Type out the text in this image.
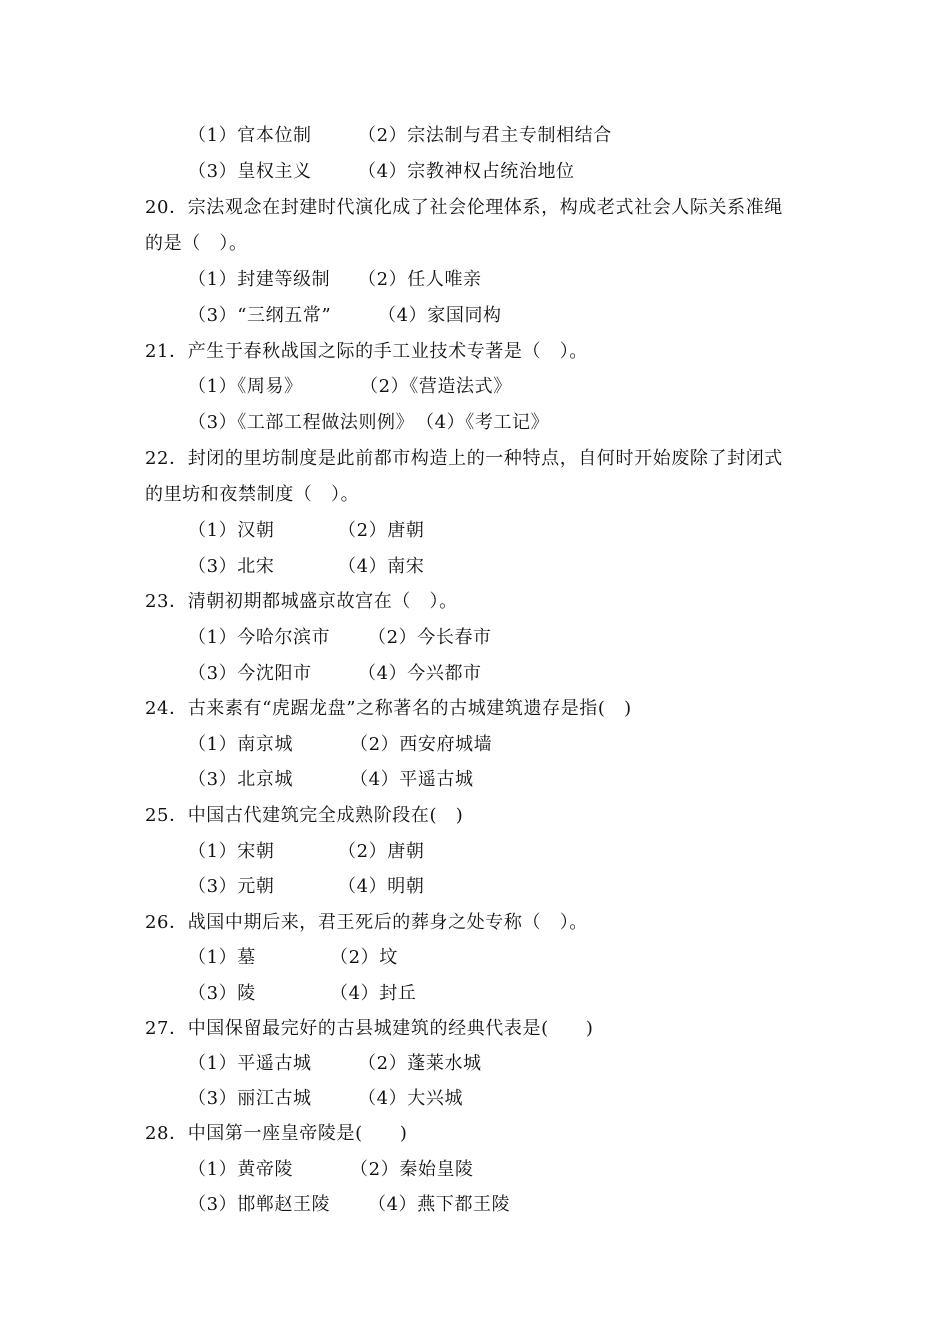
（1）官本位制	（2）宗法制与君主专制相结合
（3）皇权主义	（4）宗教神权占统治地位
20．宗法观念在封建时代演化成了社会伦理体系，构成老式社会人际关系准绳
的是（　）。
（1）封建等级制 （2）任人唯亲
（3）“三纲五常”	（4）家国同构
21．产生于春秋战国之际的手工业技术专著是（　）。
（1）《周易》	（2）《营造法式》
（3）《工部工程做法则例》 （4）《考工记》
22．封闭的里坊制度是此前都市构造上的一种特点，自何时开始废除了封闭式
的里坊和夜禁制度（　）。
（1）汉朝	（2）唐朝
（3）北宋	（4）南宋
23．清朝初期都城盛京故宫在（　）。
（1）今哈尔滨市 （2）今长春市
（3）今沈阳市	（4）今兴都市
24．古来素有“虎踞龙盘”之称著名的古城建筑遗存是指(　)
（1）南京城	（2）西安府城墙
（3）北京城	（4）平遥古城
25．中国古代建筑完全成熟阶段在(　)
（1）宋朝	（2）唐朝
（3）元朝	（4）明朝
26．战国中期后来，君王死后的葬身之处专称（　）。
（1）墓	（2）坟
（3）陵	（4）封丘
27．中国保留最完好的古县城建筑的经典代表是(　　)
（1）平遥古城	（2）蓬莱水城
（3）丽江古城	（4）大兴城
28．中国第一座皇帝陵是(　　)
（1）黄帝陵	（2）秦始皇陵
（3）邯郸赵王陵 （4）燕下都王陵
